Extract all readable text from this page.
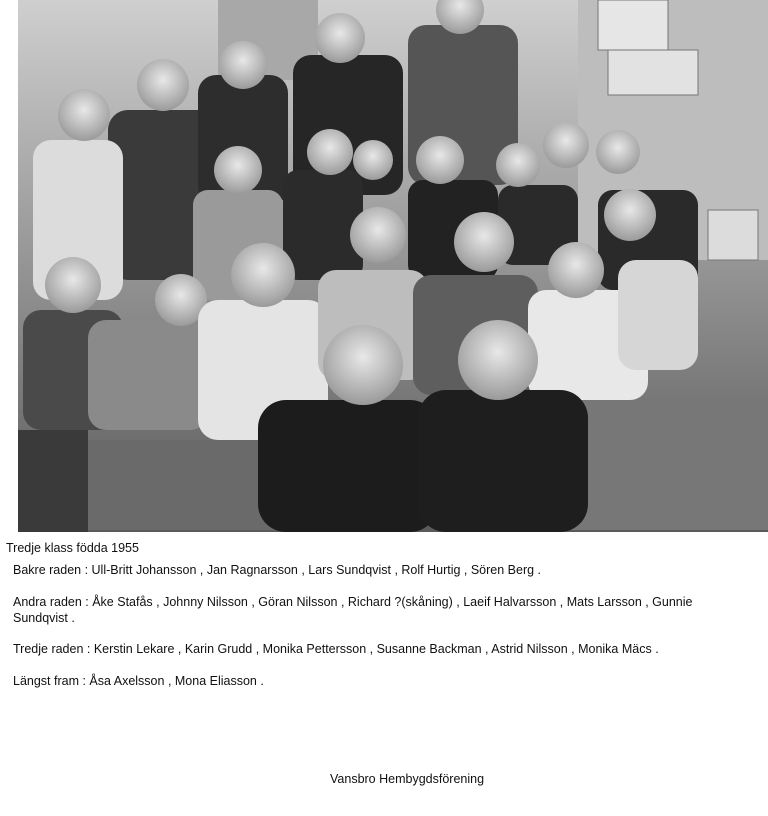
Tredje klass födda 1955
Bakre raden : Ull-Britt Johansson , Jan Ragnarsson , Lars Sundqvist , Rolf Hurtig , Sören Berg .
Andra raden : Åke Stafås , Johnny Nilsson , Göran Nilsson , Richard ?(skåning) , Laeif Halvarsson , Mats Larsson , Gunnie Sundqvist .
Tredje raden : Kerstin Lekare , Karin Grudd , Monika Pettersson , Susanne Backman , Astrid Nilsson , Monika Mäcs .
Längst fram : Åsa Axelsson , Mona Eliasson .
Vansbro Hembygdsförening
